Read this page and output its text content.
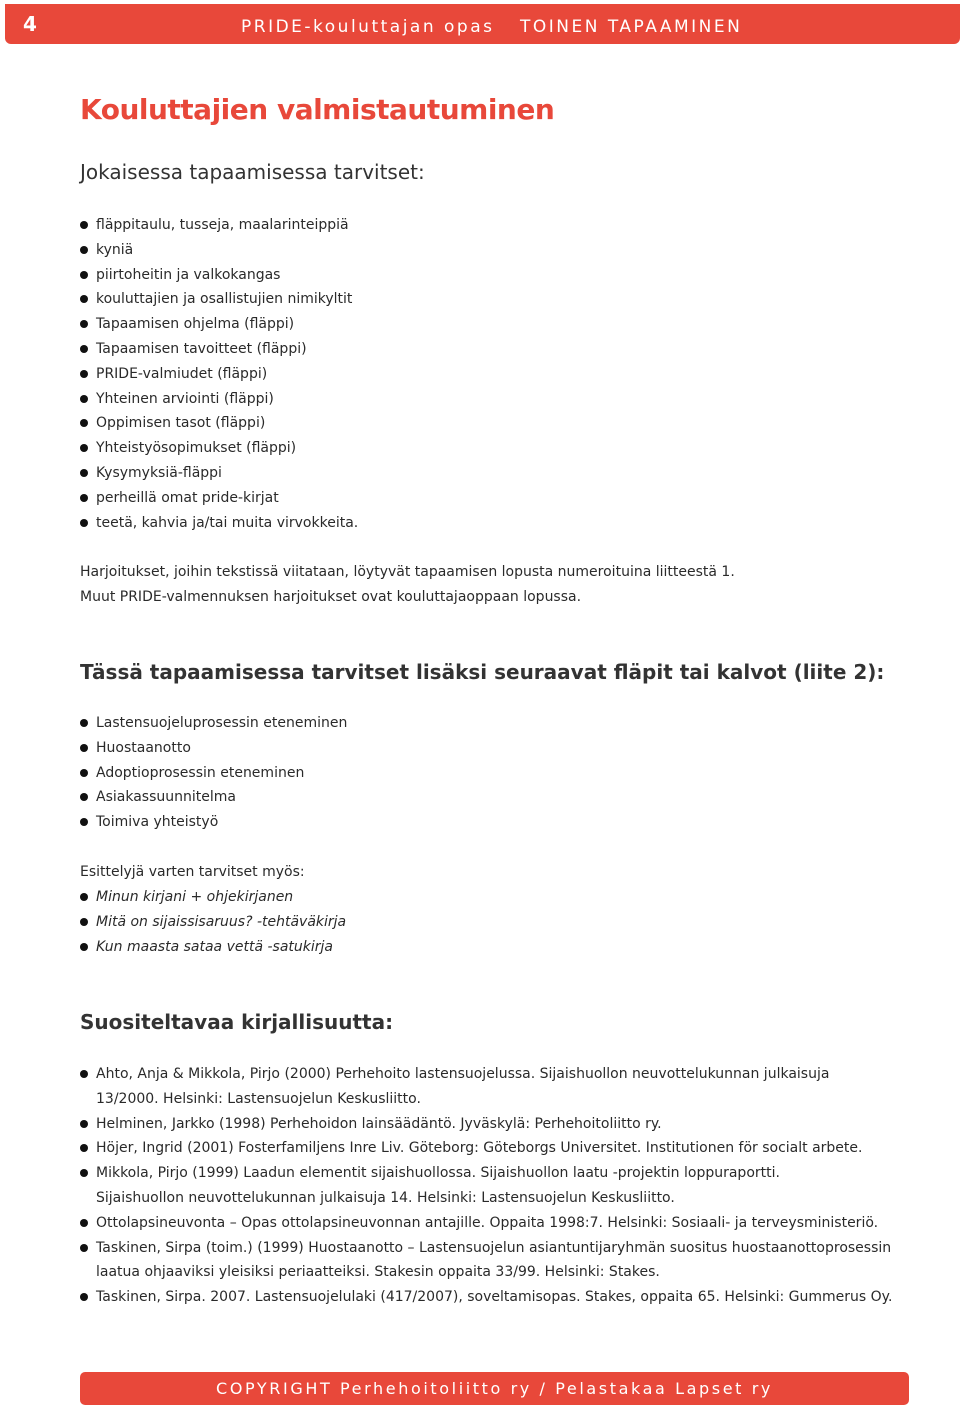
4	PRIDE-kouluttajan opas TOINEN TAPAAMINEN
Kouluttajien valmistautuminen
Jokaisessa tapaamisessa tarvitset:
fläppitaulu, tusseja, maalarinteippiä
kyniä
piirtoheitin ja valkokangas
kouluttajien ja osallistujien nimikyltit
Tapaamisen ohjelma (fläppi)
Tapaamisen tavoitteet (fläppi)
PRIDE-valmiudet (fläppi)
Yhteinen arviointi (fläppi)
Oppimisen tasot (fläppi)
Yhteistyösopimukset (fläppi)
Kysymyksiä-fläppi
perheillä omat pride-kirjat
teetä, kahvia ja/tai muita virvokkeita.

Harjoitukset, joihin tekstissä viitataan, löytyvät tapaamisen lopusta numeroituina liitteestä 1.

Muut PRIDE-valmennuksen harjoitukset ovat kouluttajaoppaan lopussa.

Tässä tapaamisessa tarvitset lisäksi seuraavat fläpit tai kalvot (liite 2):
Lastensuojeluprosessin eteneminen
Huostaanotto
Adoptioprosessin eteneminen
Asiakassuunnitelma
Toimiva yhteistyö

Esittelyjä varten tarvitset myös:

Minun kirjani + ohjekirjanen
Mitä on sijaissisaruus? -tehtäväkirja
Kun maasta sataa vettä -satukirja
Suositeltavaa kirjallisuutta:
Ahto, Anja & Mikkola, Pirjo (2000) Perhehoito lastensuojelussa. Sijaishuollon neuvottelukunnan julkaisuja
13/2000. Helsinki: Lastensuojelun Keskusliitto.
Helminen, Jarkko (1998) Perhehoidon lainsäädäntö. Jyväskylä: Perhehoitoliitto ry.
Höjer, Ingrid (2001) Fosterfamiljens Inre Liv. Göteborg: Göteborgs Universitet. Institutionen för socialt arbete.
Mikkola, Pirjo (1999) Laadun elementit sijaishuollossa. Sijaishuollon laatu -projektin loppuraportti.
Sijaishuollon neuvottelukunnan julkaisuja 14. Helsinki: Lastensuojelun Keskusliitto.
Ottolapsineuvonta – Opas ottolapsineuvonnan antajille. Oppaita 1998:7. Helsinki: Sosiaali- ja terveysministeriö.
Taskinen, Sirpa (toim.) (1999) Huostaanotto – Lastensuojelun asiantuntijaryhmän suositus huostaanottoprosessin
laatua ohjaaviksi yleisiksi periaatteiksi. Stakesin oppaita 33/99. Helsinki: Stakes.
Taskinen, Sirpa. 2007. Lastensuojelulaki (417/2007), soveltamisopas. Stakes, oppaita 65. Helsinki: Gummerus Oy.
COPYRIGHT Perhehoitoliitto ry / Pelastakaa Lapset ry
